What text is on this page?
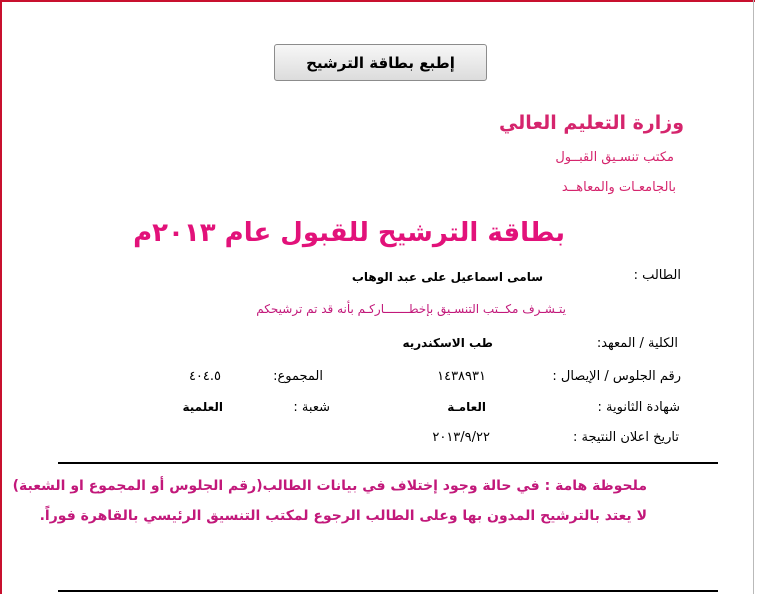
إطبع بطاقة الترشيح
وزارة التعليم العالي
مكتب تنسـيق القبــول
بالجامعـات والمعاهــد
بطاقة الترشيح للقبول عام ٢٠١٣م
الطالب :
سامى اسماعيل على عبد الوهاب
يتـشـرف مكــتب التنسـيق بإخطـــــــاركـم بأنه قد تم ترشيحكم
الكلية / المعهد:
طب الاسكندريه
رقم الجلوس / الإيصال :
١٤٣٨٩٣١
المجموع:
٤٠٤.٥
شهادة الثانوية :
العامـة
شعبة :
العلمية
تاريخ اعلان النتيجة :
٢٠١٣/٩/٢٢
ملحوظة هامة : في حالة وجود إختلاف في بيانات الطالب(رقم الجلوس أو المجموع او الشعبة)
لا يعتد بالترشيح المدون بها وعلى الطالب الرجوع لمكتب التنسيق الرئيسي بالقاهرة فوراً.
